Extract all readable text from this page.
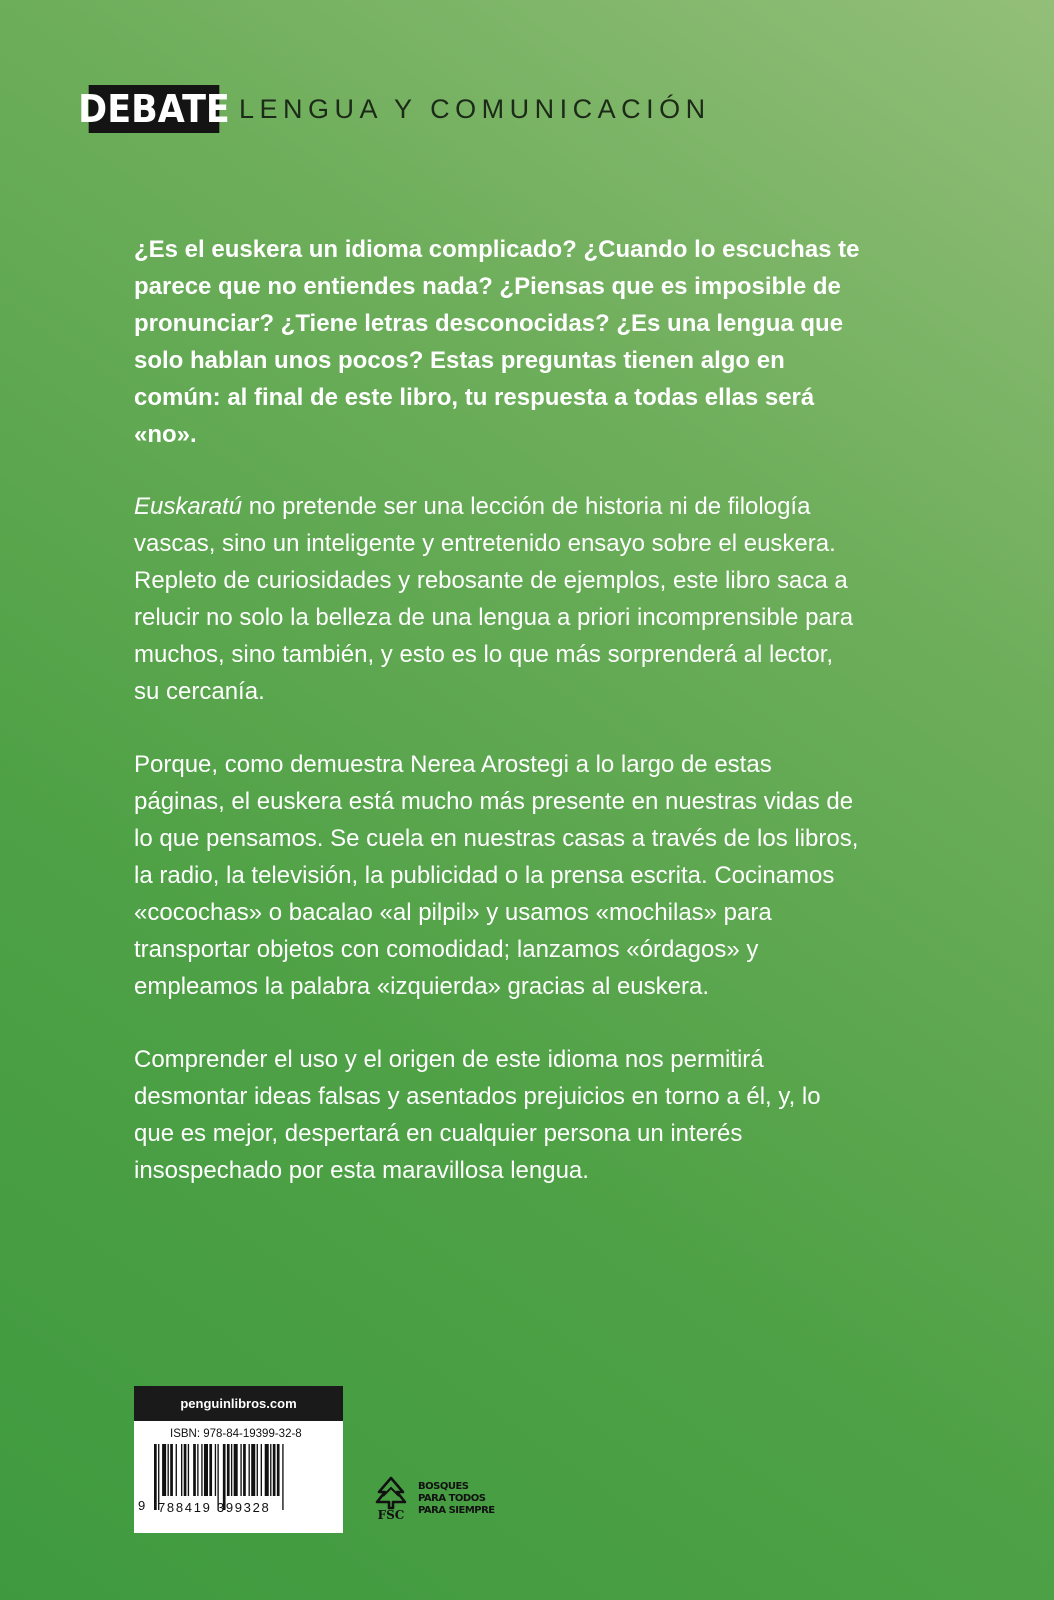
DEBATE LENGUA Y COMUNICACIÓN
¿Es el euskera un idioma complicado? ¿Cuando lo escuchas te parece que no entiendes nada? ¿Piensas que es imposible de pronunciar? ¿Tiene letras desconocidas? ¿Es una lengua que solo hablan unos pocos? Estas preguntas tienen algo en común: al final de este libro, tu respuesta a todas ellas será «no».
Euskaratú no pretende ser una lección de historia ni de filología vascas, sino un inteligente y entretenido ensayo sobre el euskera. Repleto de curiosidades y rebosante de ejemplos, este libro saca a relucir no solo la belleza de una lengua a priori incomprensible para muchos, sino también, y esto es lo que más sorprenderá al lector, su cercanía.
Porque, como demuestra Nerea Arostegi a lo largo de estas páginas, el euskera está mucho más presente en nuestras vidas de lo que pensamos. Se cuela en nuestras casas a través de los libros, la radio, la televisión, la publicidad o la prensa escrita. Cocinamos «cocochas» o bacalao «al pilpil» y usamos «mochilas» para transportar objetos con comodidad; lanzamos «órdagos» y empleamos la palabra «izquierda» gracias al euskera.
Comprender el uso y el origen de este idioma nos permitirá desmontar ideas falsas y asentados prejuicios en torno a él, y, lo que es mejor, despertará en cualquier persona un interés insospechado por esta maravillosa lengua.
penguinlibros.com
ISBN: 978-84-19399-32-8
9 788419 399328	FSC
BOSQUES
PARA TODOS
PARA SIEMPRE
